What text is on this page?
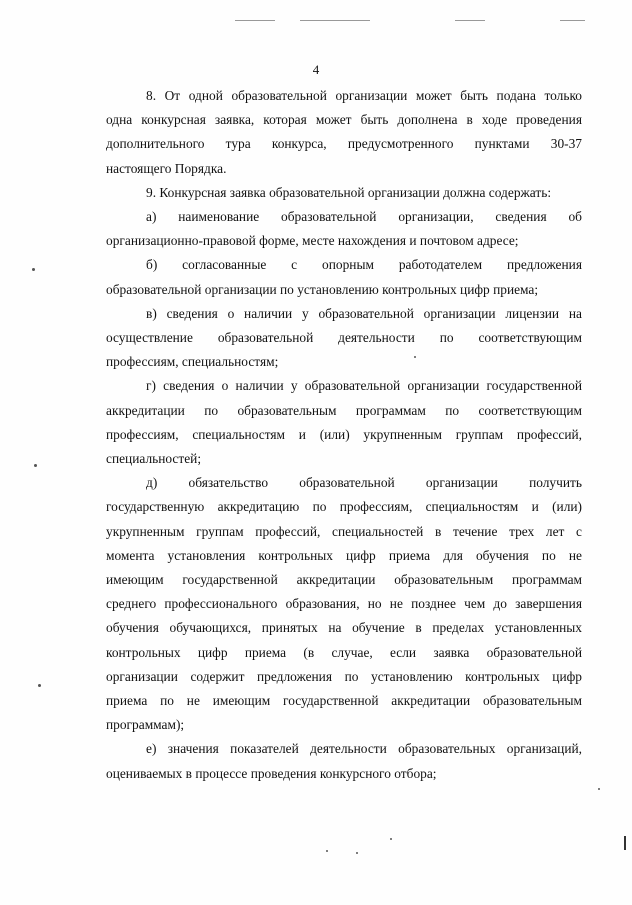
4
8. От одной образовательной организации может быть подана только
одна конкурсная заявка, которая может быть дополнена в ходе проведения
дополнительного тура конкурса, предусмотренного пунктами 30-37
настоящего Порядка.
9. Конкурсная заявка образовательной организации должна содержать:
а) наименование образовательной организации, сведения об
организационно-правовой форме, месте нахождения и почтовом адресе;
б) согласованные с опорным работодателем предложения
образовательной организации по установлению контрольных цифр приема;
в) сведения о наличии у образовательной организации лицензии на
осуществление образовательной деятельности по соответствующим
профессиям, специальностям;
г) сведения о наличии у образовательной организации государственной
аккредитации по образовательным программам по соответствующим
профессиям, специальностям и (или) укрупненным группам профессий,
специальностей;
д) обязательство образовательной организации получить
государственную аккредитацию по профессиям, специальностям и (или)
укрупненным группам профессий, специальностей в течение трех лет с
момента установления контрольных цифр приема для обучения по не
имеющим государственной аккредитации образовательным программам
среднего профессионального образования, но не позднее чем до завершения
обучения обучающихся, принятых на обучение в пределах установленных
контрольных цифр приема (в случае, если заявка образовательной
организации содержит предложения по установлению контрольных цифр
приема по не имеющим государственной аккредитации образовательным
программам);
е) значения показателей деятельности образовательных организаций,
оцениваемых в процессе проведения конкурсного отбора;
